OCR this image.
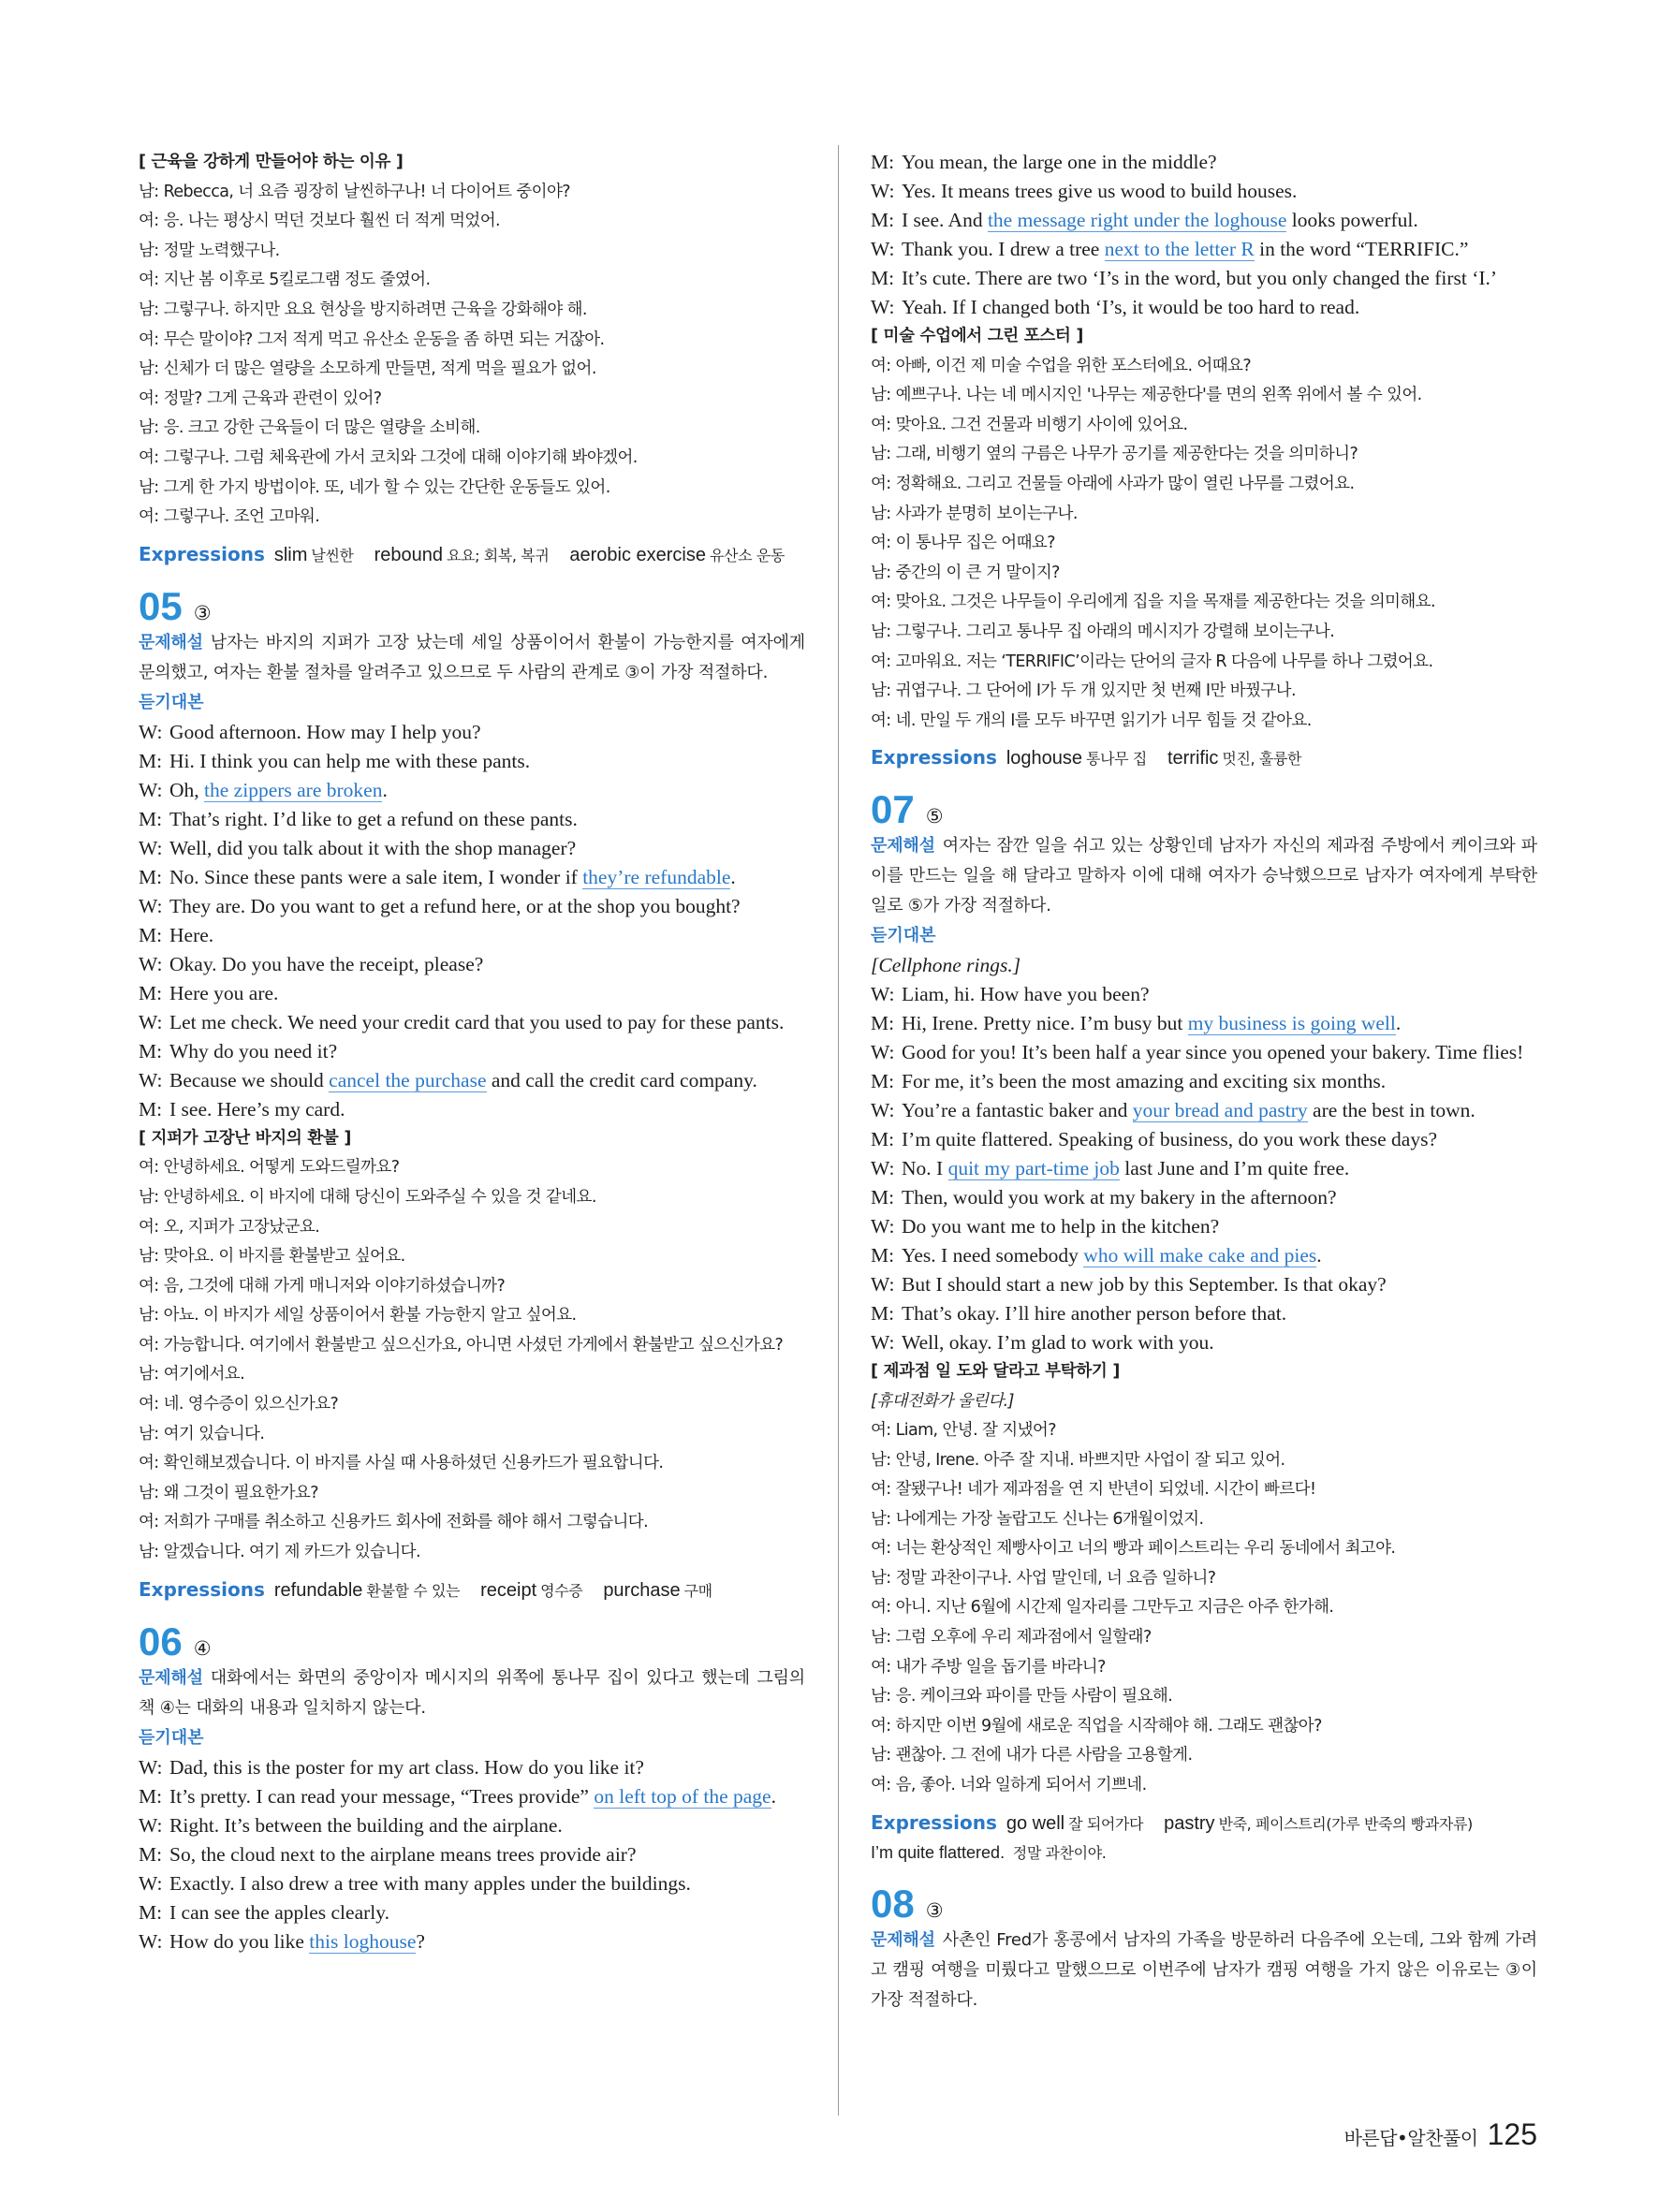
[ 근육을 강하게 만들어야 하는 이유 ]
남: Rebecca, 너 요즘 굉장히 날씬하구나! 너 다이어트 중이야?
여: 응. 나는 평상시 먹던 것보다 훨씬 더 적게 먹었어.
남: 정말 노력했구나.
여: 지난 봄 이후로 5킬로그램 정도 줄였어.
남: 그렇구나. 하지만 요요 현상을 방지하려면 근육을 강화해야 해.
여: 무슨 말이야? 그저 적게 먹고 유산소 운동을 좀 하면 되는 거잖아.
남: 신체가 더 많은 열량을 소모하게 만들면, 적게 먹을 필요가 없어.
여: 정말? 그게 근육과 관련이 있어?
남: 응. 크고 강한 근육들이 더 많은 열량을 소비해.
여: 그렇구나. 그럼 체육관에 가서 코치와 그것에 대해 이야기해 봐야겠어.
남: 그게 한 가지 방법이야. 또, 네가 할 수 있는 간단한 운동들도 있어.
여: 그렇구나. 조언 고마워.
Expressions slim 날씬한 rebound 요요; 회복, 복귀 aerobic exercise 유산소 운동
05 ③
문제해설 남자는 바지의 지퍼가 고장 났는데 세일 상품이어서 환불이 가능한지를 여자에게 문의했고, 여자는 환불 절차를 알려주고 있으므로 두 사람의 관계로 ③이 가장 적절하다.
듣기대본
W: Good afternoon. How may I help you?
M: Hi. I think you can help me with these pants.
W: Oh, the zippers are broken.
M: That’s right. I’d like to get a refund on these pants.
W: Well, did you talk about it with the shop manager?
M: No. Since these pants were a sale item, I wonder if they’re refundable.
W: They are. Do you want to get a refund here, or at the shop you bought?
M: Here.
W: Okay. Do you have the receipt, please?
M: Here you are.
W: Let me check. We need your credit card that you used to pay for these pants.
M: Why do you need it?
W: Because we should cancel the purchase and call the credit card company.
M: I see. Here’s my card.
[ 지퍼가 고장난 바지의 환불 ]
여: 안녕하세요. 어떻게 도와드릴까요?
남: 안녕하세요. 이 바지에 대해 당신이 도와주실 수 있을 것 같네요.
여: 오, 지퍼가 고장났군요.
남: 맞아요. 이 바지를 환불받고 싶어요.
여: 음, 그것에 대해 가게 매니저와 이야기하셨습니까?
남: 아뇨. 이 바지가 세일 상품이어서 환불 가능한지 알고 싶어요.
여: 가능합니다. 여기에서 환불받고 싶으신가요, 아니면 사셨던 가게에서 환불받고 싶으신가요?
남: 여기에서요.
여: 네. 영수증이 있으신가요?
남: 여기 있습니다.
여: 확인해보겠습니다. 이 바지를 사실 때 사용하셨던 신용카드가 필요합니다.
남: 왜 그것이 필요한가요?
여: 저희가 구매를 취소하고 신용카드 회사에 전화를 해야 해서 그렇습니다.
남: 알겠습니다. 여기 제 카드가 있습니다.
Expressions refundable 환불할 수 있는 receipt 영수증 purchase 구매
06 ④
문제해설 대화에서는 화면의 중앙이자 메시지의 위쪽에 통나무 집이 있다고 했는데 그림의 책 ④는 대화의 내용과 일치하지 않는다.
듣기대본
W: Dad, this is the poster for my art class. How do you like it?
M: It’s pretty. I can read your message, “Trees provide” on left top of the page.
W: Right. It’s between the building and the airplane.
M: So, the cloud next to the airplane means trees provide air?
W: Exactly. I also drew a tree with many apples under the buildings.
M: I can see the apples clearly.
W: How do you like this loghouse?
M: You mean, the large one in the middle?
W: Yes. It means trees give us wood to build houses.
M: I see. And the message right under the loghouse looks powerful.
W: Thank you. I drew a tree next to the letter R in the word “TERRIFIC.”
M: It’s cute. There are two ‘I’s in the word, but you only changed the first ‘I.’
W: Yeah. If I changed both ‘I’s, it would be too hard to read.
[ 미술 수업에서 그린 포스터 ]
여: 아빠, 이건 제 미술 수업을 위한 포스터에요. 어때요?
남: 예쁘구나. 나는 네 메시지인 '나무는 제공한다'를 면의 왼쪽 위에서 볼 수 있어.
여: 맞아요. 그건 건물과 비행기 사이에 있어요.
남: 그래, 비행기 옆의 구름은 나무가 공기를 제공한다는 것을 의미하니?
여: 정확해요. 그리고 건물들 아래에 사과가 많이 열린 나무를 그렸어요.
남: 사과가 분명히 보이는구나.
여: 이 통나무 집은 어때요?
남: 중간의 이 큰 거 말이지?
여: 맞아요. 그것은 나무들이 우리에게 집을 지을 목재를 제공한다는 것을 의미해요.
남: 그렇구나. 그리고 통나무 집 아래의 메시지가 강렬해 보이는구나.
여: 고마워요. 저는 ‘TERRIFIC’이라는 단어의 글자 R 다음에 나무를 하나 그렸어요.
남: 귀엽구나. 그 단어에 I가 두 개 있지만 첫 번째 I만 바꿨구나.
여: 네. 만일 두 개의 I를 모두 바꾸면 읽기가 너무 힘들 것 같아요.
Expressions loghouse 통나무 집 terrific 멋진, 훌륭한
07 ⑤
문제해설 여자는 잠깐 일을 쉬고 있는 상황인데 남자가 자신의 제과점 주방에서 케이크와 파이를 만드는 일을 해 달라고 말하자 이에 대해 여자가 승낙했으므로 남자가 여자에게 부탁한 일로 ⑤가 가장 적절하다.
듣기대본
[Cellphone rings.]
W: Liam, hi. How have you been?
M: Hi, Irene. Pretty nice. I’m busy but my business is going well.
W: Good for you! It’s been half a year since you opened your bakery. Time flies!
M: For me, it’s been the most amazing and exciting six months.
W: You’re a fantastic baker and your bread and pastry are the best in town.
M: I’m quite flattered. Speaking of business, do you work these days?
W: No. I quit my part-time job last June and I’m quite free.
M: Then, would you work at my bakery in the afternoon?
W: Do you want me to help in the kitchen?
M: Yes. I need somebody who will make cake and pies.
W: But I should start a new job by this September. Is that okay?
M: That’s okay. I’ll hire another person before that.
W: Well, okay. I’m glad to work with you.
[ 제과점 일 도와 달라고 부탁하기 ]
[휴대전화가 울린다.]
여: Liam, 안녕. 잘 지냈어?
남: 안녕, Irene. 아주 잘 지내. 바쁘지만 사업이 잘 되고 있어.
여: 잘됐구나! 네가 제과점을 연 지 반년이 되었네. 시간이 빠르다!
남: 나에게는 가장 놀랍고도 신나는 6개월이었지.
여: 너는 환상적인 제빵사이고 너의 빵과 페이스트리는 우리 동네에서 최고야.
남: 정말 과찬이구나. 사업 말인데, 너 요즘 일하니?
여: 아니. 지난 6월에 시간제 일자리를 그만두고 지금은 아주 한가해.
남: 그럼 오후에 우리 제과점에서 일할래?
여: 내가 주방 일을 돕기를 바라니?
남: 응. 케이크와 파이를 만들 사람이 필요해.
여: 하지만 이번 9월에 새로운 직업을 시작해야 해. 그래도 괜찮아?
남: 괜찮아. 그 전에 내가 다른 사람을 고용할게.
여: 음, 좋아. 너와 일하게 되어서 기쁘네.
Expressions go well 잘 되어가다 pastry 반죽, 페이스트리(가루 반죽의 빵과자류)
I’m quite flattered. 정말 과찬이야.
08 ③
문제해설 사촌인 Fred가 홍콩에서 남자의 가족을 방문하러 다음주에 오는데, 그와 함께 가려고 캠핑 여행을 미뤘다고 말했으므로 이번주에 남자가 캠핑 여행을 가지 않은 이유로는 ③이 가장 적절하다.
바른답•알찬풀이 125
